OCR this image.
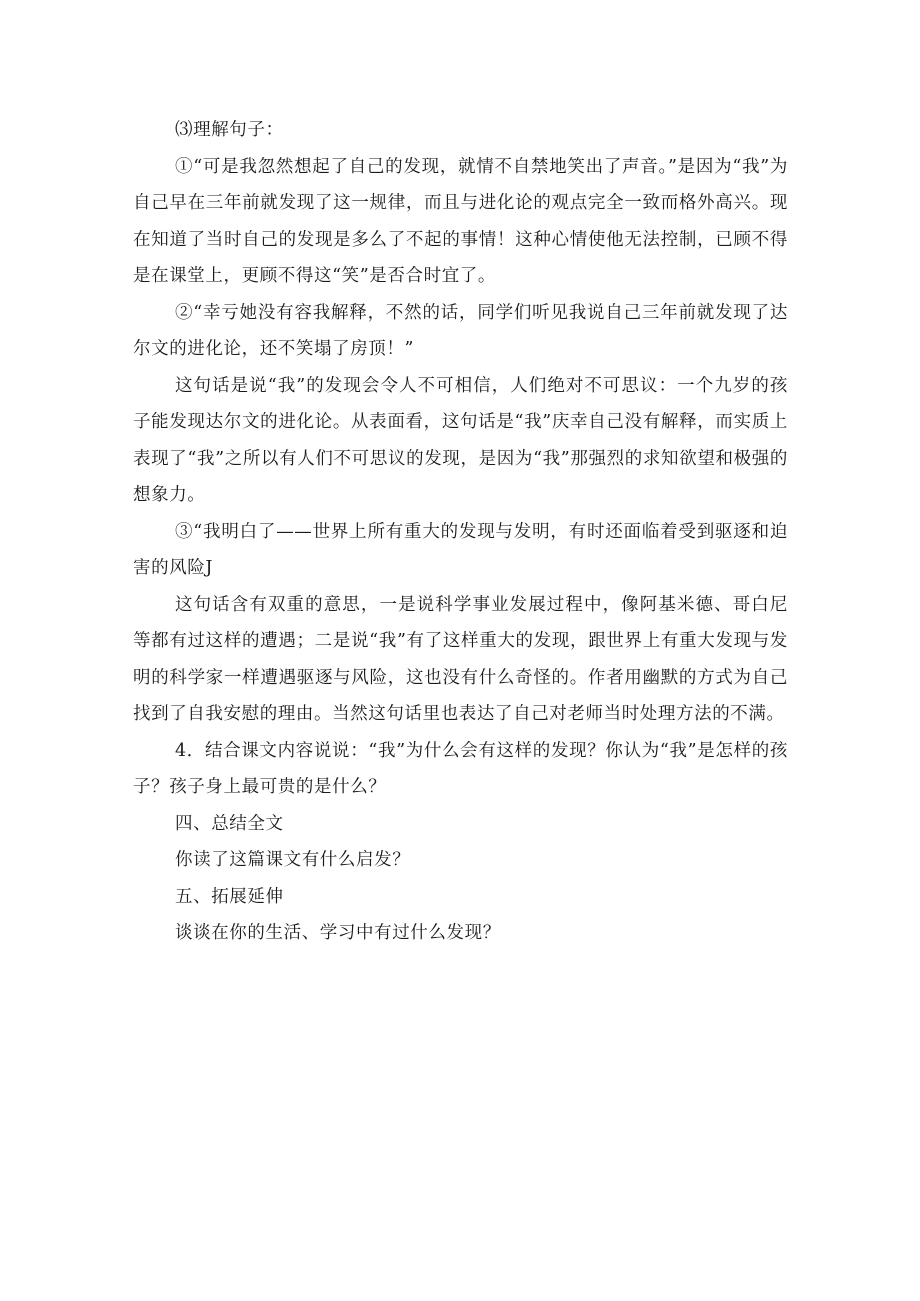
⑶理解句子：

①“可是我忽然想起了自己的发现，就情不自禁地笑出了声音。”是因为“我”为自己早在三年前就发现了这一规律，而且与进化论的观点完全一致而格外高兴。现在知道了当时自己的发现是多么了不起的事情！这种心情使他无法控制，已顾不得是在课堂上，更顾不得这“笑”是否合时宜了。

②“幸亏她没有容我解释，不然的话，同学们听见我说自己三年前就发现了达尔文的进化论，还不笑塌了房顶！”

这句话是说“我”的发现会令人不可相信，人们绝对不可思议：一个九岁的孩子能发现达尔文的进化论。从表面看，这句话是“我”庆幸自己没有解释，而实质上表现了“我”之所以有人们不可思议的发现，是因为“我”那强烈的求知欲望和极强的想象力。

③“我明白了——世界上所有重大的发现与发明，有时还面临着受到驱逐和迫害的风险J

这句话含有双重的意思，一是说科学事业发展过程中，像阿基米德、哥白尼等都有过这样的遭遇；二是说“我”有了这样重大的发现，跟世界上有重大发现与发明的科学家一样遭遇驱逐与风险，这也没有什么奇怪的。作者用幽默的方式为自己找到了自我安慰的理由。当然这句话里也表达了自己对老师当时处理方法的不满。

4．结合课文内容说说：“我”为什么会有这样的发现？你认为“我”是怎样的孩子？孩子身上最可贵的是什么？

四、总结全文

你读了这篇课文有什么启发？

五、拓展延伸

谈谈在你的生活、学习中有过什么发现？
